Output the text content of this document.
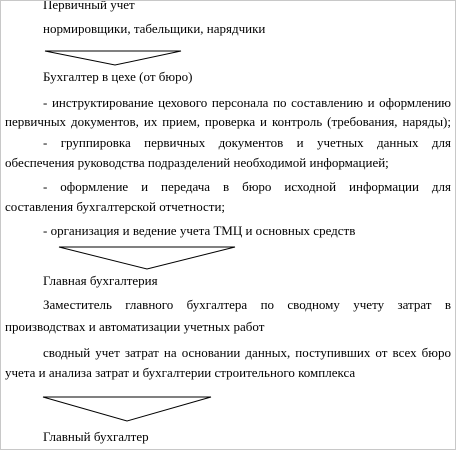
Первичный учет
нормировщики, табельщики, нарядчики
Бухгалтер в цехе (от бюро)
- инструктирование цехового персонала по составлению и оформлению
первичных документов, их прием, проверка и контроль (требования, наряды);
- группировка первичных документов и учетных данных для
обеспечения руководства подразделений необходимой информацией;
- оформление и передача в бюро исходной информации для
составления бухгалтерской отчетности;
- организация и ведение учета ТМЦ и основных средств
Главная бухгалтерия
Заместитель главного бухгалтера по сводному учету затрат в
производствах и автоматизации учетных работ
сводный учет затрат на основании данных, поступивших от всех бюро
учета и анализа затрат и бухгалтерии строительного комплекса
Главный бухгалтер
